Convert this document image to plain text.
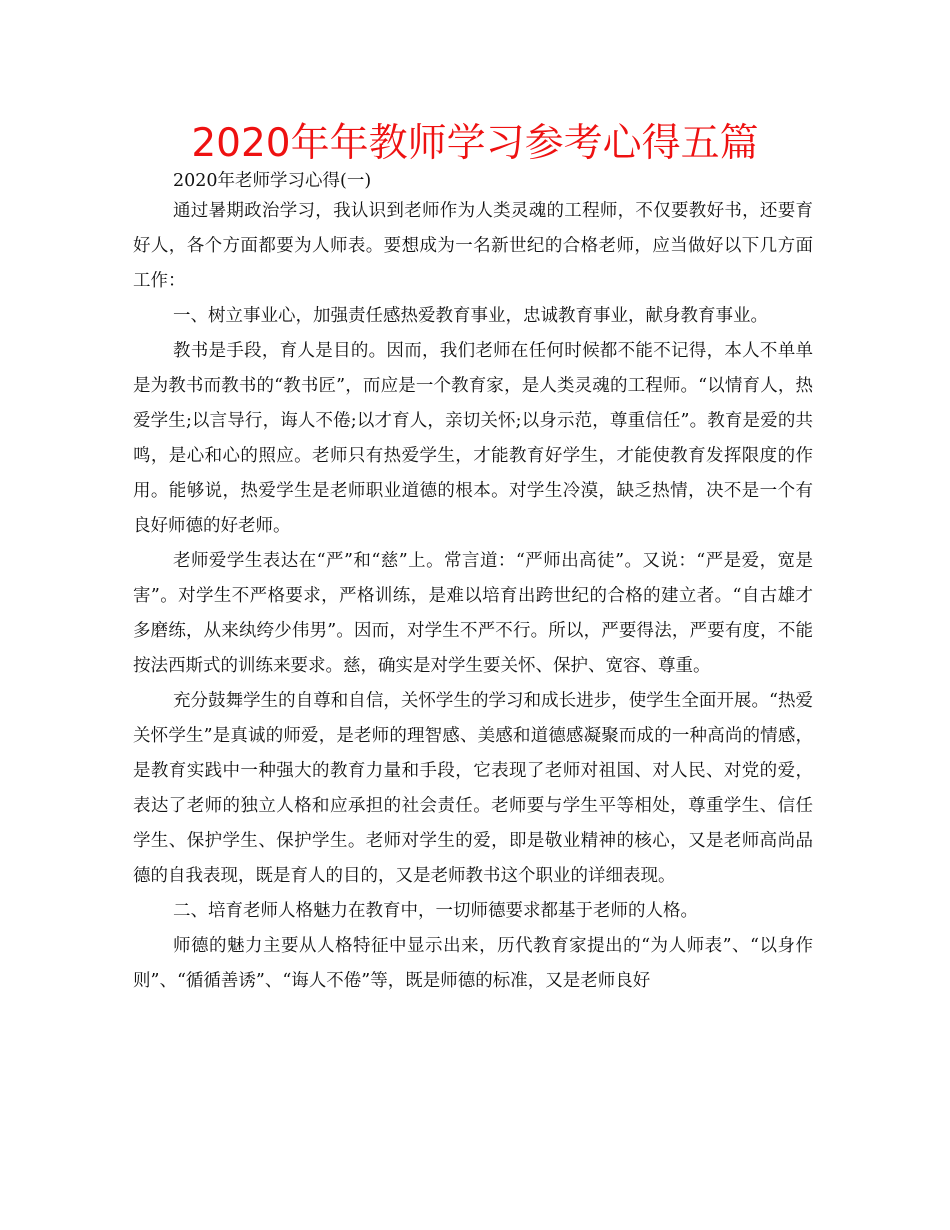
2020年年教师学习参考心得五篇

2020年老师学习心得(一)

通过暑期政治学习，我认识到老师作为人类灵魂的工程师，不仅要教好书，还要育好人，各个方面都要为人师表。要想成为一名新世纪的合格老师，应当做好以下几方面工作：

一、树立事业心，加强责任感热爱教育事业，忠诚教育事业，献身教育事业。

教书是手段，育人是目的。因而，我们老师在任何时候都不能不记得，本人不单单是为教书而教书的“教书匠”，而应是一个教育家，是人类灵魂的工程师。“以情育人，热爱学生;以言导行，诲人不倦;以才育人，亲切关怀;以身示范，尊重信任”。教育是爱的共鸣，是心和心的照应。老师只有热爱学生，才能教育好学生，才能使教育发挥限度的作用。能够说，热爱学生是老师职业道德的根本。对学生冷漠，缺乏热情，决不是一个有良好师德的好老师。

老师爱学生表达在“严”和“慈”上。常言道：“严师出高徒”。又说：“严是爱，宽是害”。对学生不严格要求，严格训练，是难以培育出跨世纪的合格的建立者。“自古雄才多磨练，从来纨绔少伟男”。因而，对学生不严不行。所以，严要得法，严要有度，不能按法西斯式的训练来要求。慈，确实是对学生要关怀、保护、宽容、尊重。

充分鼓舞学生的自尊和自信，关怀学生的学习和成长进步，使学生全面开展。“热爱关怀学生”是真诚的师爱，是老师的理智感、美感和道德感凝聚而成的一种高尚的情感，是教育实践中一种强大的教育力量和手段，它表现了老师对祖国、对人民、对党的爱，表达了老师的独立人格和应承担的社会责任。老师要与学生平等相处，尊重学生、信任学生、保护学生、保护学生。老师对学生的爱，即是敬业精神的核心，又是老师高尚品德的自我表现，既是育人的目的，又是老师教书这个职业的详细表现。

二、培育老师人格魅力在教育中，一切师德要求都基于老师的人格。

师德的魅力主要从人格特征中显示出来，历代教育家提出的“为人师表”、“以身作则”、“循循善诱”、“诲人不倦”等，既是师德的标准，又是老师良好
